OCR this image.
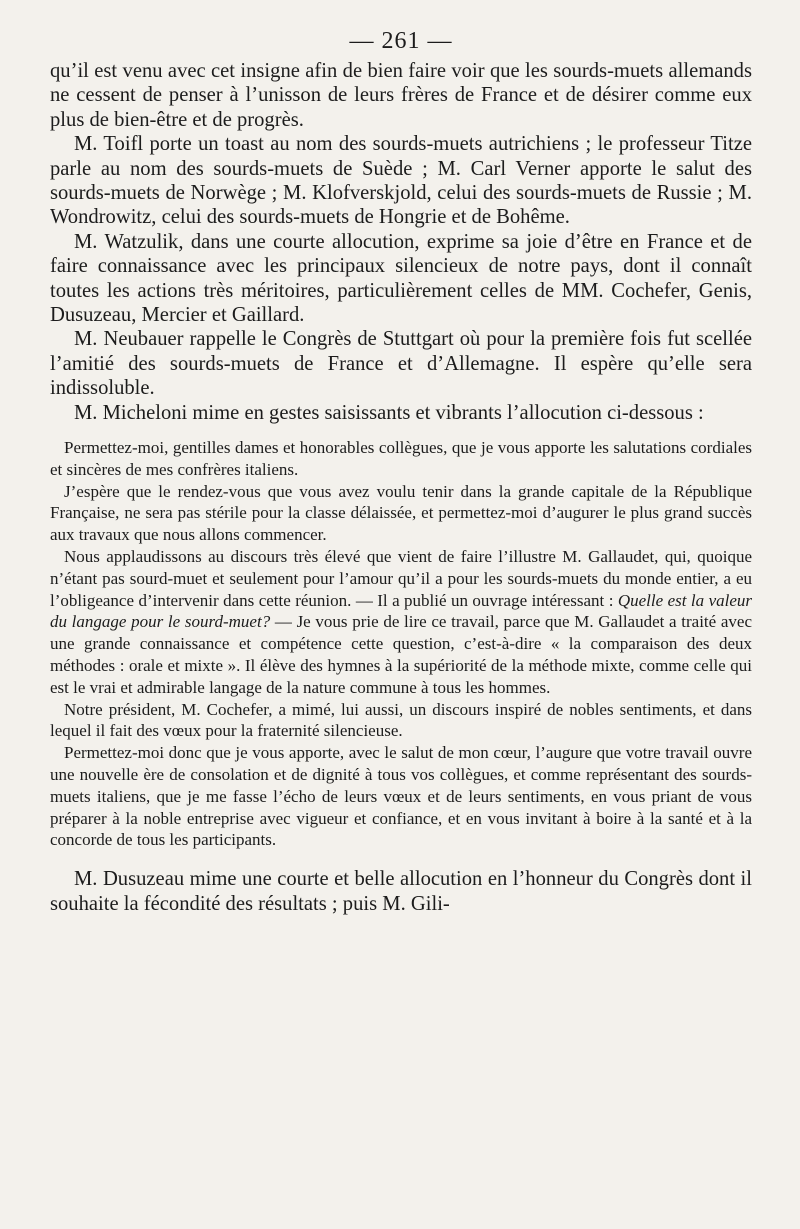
— 261 —

qu’il est venu avec cet insigne afin de bien faire voir que les sourds-muets allemands ne cessent de penser à l’unisson de leurs frères de France et de désirer comme eux plus de bien-être et de progrès.

M. Toifl porte un toast au nom des sourds-muets autrichiens ; le professeur Titze parle au nom des sourds-muets de Suède ; M. Carl Verner apporte le salut des sourds-muets de Norwège ; M. Klofverskjold, celui des sourds-muets de Russie ; M. Wondrowitz, celui des sourds-muets de Hongrie et de Bohême.

M. Watzulik, dans une courte allocution, exprime sa joie d’être en France et de faire connaissance avec les principaux silencieux de notre pays, dont il connaît toutes les actions très méritoires, particulièrement celles de MM. Cochefer, Genis, Dusuzeau, Mercier et Gaillard.

M. Neubauer rappelle le Congrès de Stuttgart où pour la première fois fut scellée l’amitié des sourds-muets de France et d’Allemagne. Il espère qu’elle sera indissoluble.

M. Micheloni mime en gestes saisissants et vibrants l’allocution ci-dessous :

Permettez-moi, gentilles dames et honorables collègues, que je vous apporte les salutations cordiales et sincères de mes confrères italiens.

J’espère que le rendez-vous que vous avez voulu tenir dans la grande capitale de la République Française, ne sera pas stérile pour la classe délaissée, et permettez-moi d’augurer le plus grand succès aux travaux que nous allons commencer.

Nous applaudissons au discours très élevé que vient de faire l’illustre M. Gallaudet, qui, quoique n’étant pas sourd-muet et seulement pour l’amour qu’il a pour les sourds-muets du monde entier, a eu l’obligeance d’intervenir dans cette réunion. — Il a publié un ouvrage intéressant : Quelle est la valeur du langage pour le sourd-muet? — Je vous prie de lire ce travail, parce que M. Gallaudet a traité avec une grande connaissance et compétence cette question, c’est-à-dire « la comparaison des deux méthodes : orale et mixte ». Il élève des hymnes à la supériorité de la méthode mixte, comme celle qui est le vrai et admirable langage de la nature commune à tous les hommes.

Notre président, M. Cochefer, a mimé, lui aussi, un discours inspiré de nobles sentiments, et dans lequel il fait des vœux pour la fraternité silencieuse.

Permettez-moi donc que je vous apporte, avec le salut de mon cœur, l’augure que votre travail ouvre une nouvelle ère de consolation et de dignité à tous vos collègues, et comme représentant des sourds-muets italiens, que je me fasse l’écho de leurs vœux et de leurs sentiments, en vous priant de vous préparer à la noble entreprise avec vigueur et confiance, et en vous invitant à boire à la santé et à la concorde de tous les participants.

M. Dusuzeau mime une courte et belle allocution en l’honneur du Congrès dont il souhaite la fécondité des résultats ; puis M. Gili-
